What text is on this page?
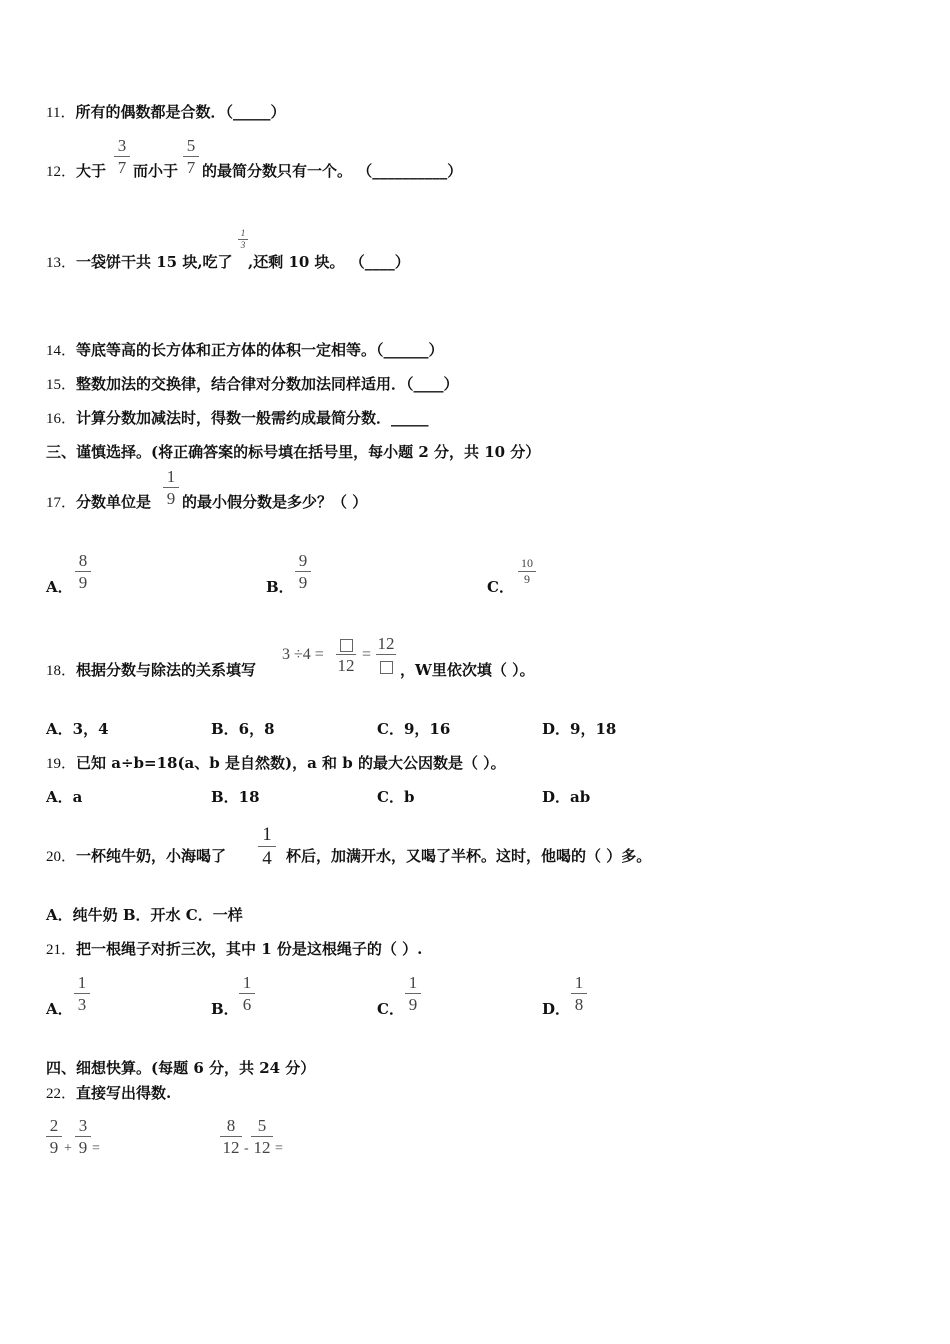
11．所有的偶数都是合数．（_____）
12．大于
3
7 而小于
5
7 的最简分数只有一个。 （__________）
13．一袋饼干共 15 块,吃了
1
3
,还剩 10 块。 （____）
14．等底等高的长方体和正方体的体积一定相等。（______）
15．整数加法的交换律，结合律对分数加法同样适用．（____）
16．计算分数加减法时，得数一般需约成最简分数．_____
三、谨慎选择。(将正确答案的标号填在括号里，每小题 2 分，共 10 分）
17．分数单位是
1
9 的最小假分数是多少？（ ）
A．
8
9	B．
9
9	C．
10
9
18．根据分数与除法的关系填写
3 ÷4 =
12
=
12
，W里依次填（ ）。
A．3，4	B．6，8	C．9，16	D．9，18
19．已知 a÷b=18(a、b 是自然数)，a 和 b 的最大公因数是（ ）。
A．a	B．18	C．b	D．ab
20．一杯纯牛奶，小海喝了
1
4 杯后，加满开水，又喝了半杯。这时，他喝的（ ）多。
A．纯牛奶 B．开水 C．一样
21．把一根绳子对折三次，其中 1 份是这根绳子的（ ）.
A．
1
3	B．
1
6	C．
1
9	D．
1
8
四、细想快算。(每题 6 分，共 24 分）
22．直接写出得数.
2
9 +
3
9 =
8
12 -
5
12 =
